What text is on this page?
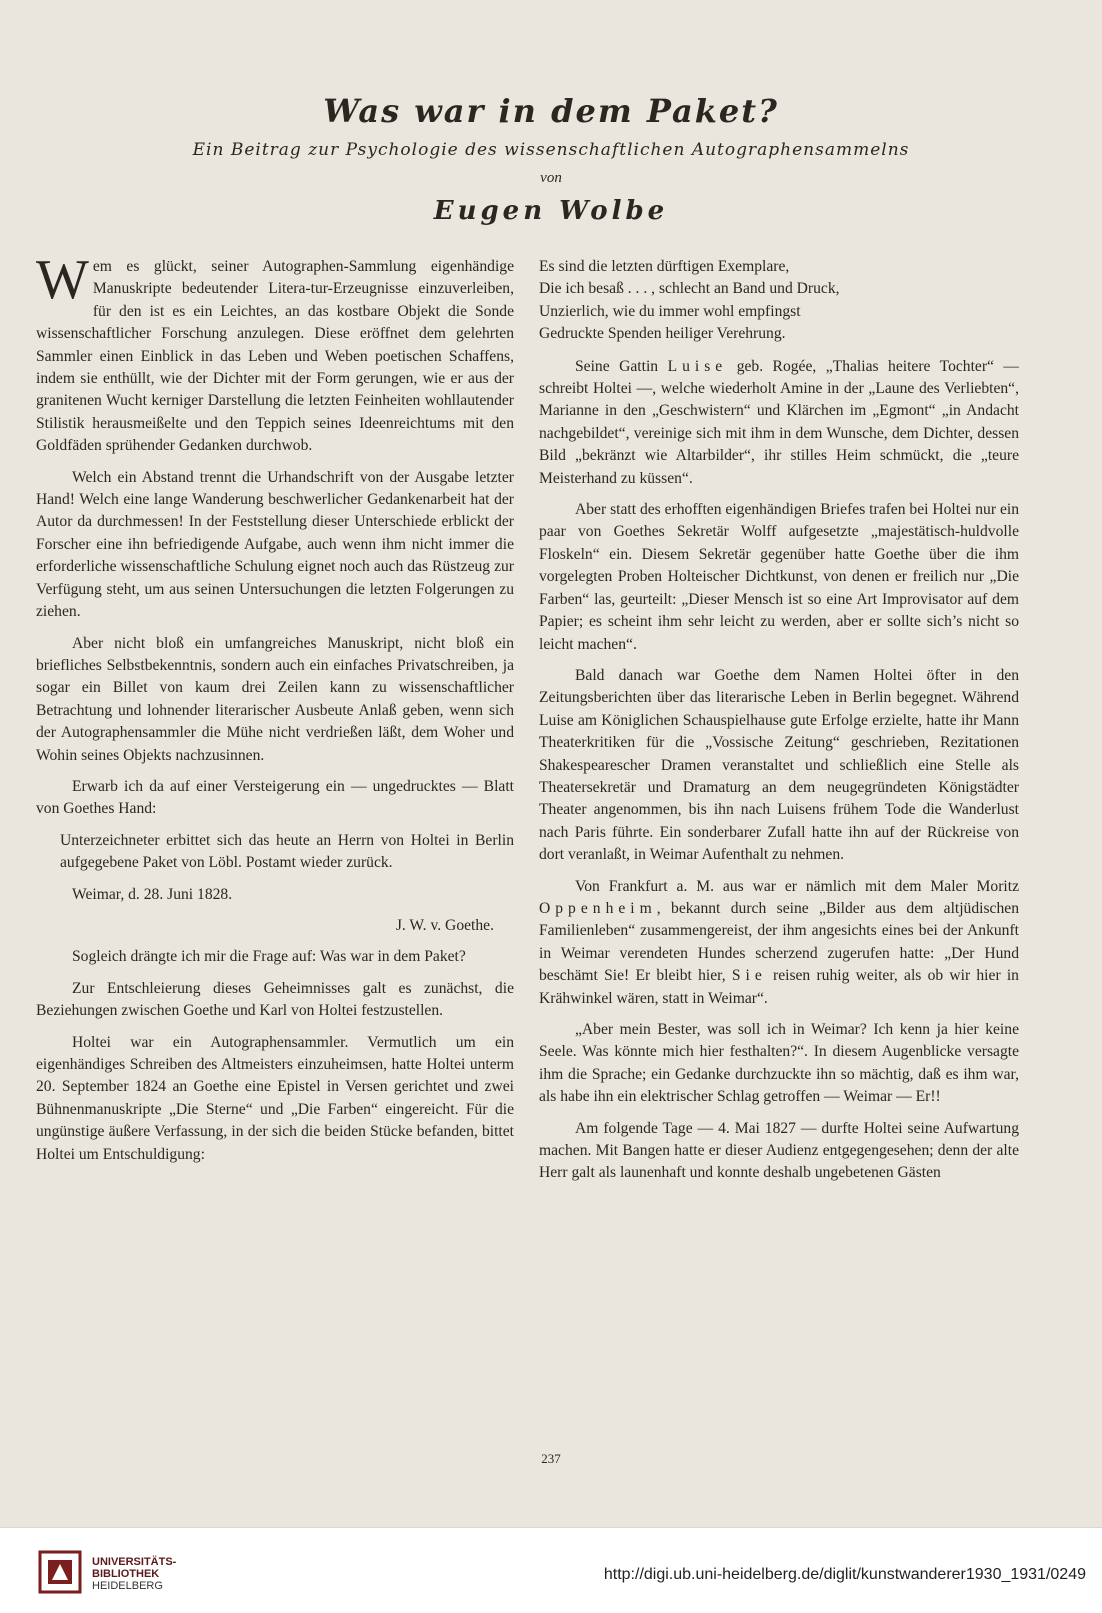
Was war in dem Paket?
Ein Beitrag zur Psychologie des wissenschaftlichen Autographensammelns
von
Eugen Wolbe

Wem es glückt, seiner Autographen-Sammlung eigenhändige Manuskripte bedeutender Litera-tur-Erzeugnisse einzuverleiben, für den ist es ein Leichtes, an das kostbare Objekt die Sonde wissenschaftlicher Forschung anzulegen. Diese eröffnet dem gelehrten Sammler einen Einblick in das Leben und Weben poetischen Schaffens, indem sie enthüllt, wie der Dichter mit der Form gerungen, wie er aus der granitenen Wucht kerniger Darstellung die letzten Feinheiten wohllautender Stilistik herausmeißelte und den Teppich seines Ideenreichtums mit den Goldfäden sprühender Gedanken durchwob.

Welch ein Abstand trennt die Urhandschrift von der Ausgabe letzter Hand! Welch eine lange Wanderung beschwerlicher Gedankenarbeit hat der Autor da durchmessen! In der Feststellung dieser Unterschiede erblickt der Forscher eine ihn befriedigende Aufgabe, auch wenn ihm nicht immer die erforderliche wissenschaftliche Schulung eignet noch auch das Rüstzeug zur Verfügung steht, um aus seinen Untersuchungen die letzten Folgerungen zu ziehen.

Aber nicht bloß ein umfangreiches Manuskript, nicht bloß ein briefliches Selbstbekenntnis, sondern auch ein einfaches Privatschreiben, ja sogar ein Billet von kaum drei Zeilen kann zu wissenschaftlicher Betrachtung und lohnender literarischer Ausbeute Anlaß geben, wenn sich der Autographensammler die Mühe nicht verdrießen läßt, dem Woher und Wohin seines Objekts nachzusinnen.

Erwarb ich da auf einer Versteigerung ein — ungedrucktes — Blatt von Goethes Hand:

Unterzeichneter erbittet sich das heute an Herrn von Holtei in Berlin aufgegebene Paket von Löbl. Postamt wieder zurück.

Weimar, d. 28. Juni 1828.

J. W. v. Goethe.

Sogleich drängte ich mir die Frage auf: Was war in dem Paket?

Zur Entschleierung dieses Geheimnisses galt es zunächst, die Beziehungen zwischen Goethe und Karl von Holtei festzustellen.

Holtei war ein Autographensammler. Vermutlich um ein eigenhändiges Schreiben des Altmeisters einzuheimsen, hatte Holtei unterm 20. September 1824 an Goethe eine Epistel in Versen gerichtet und zwei Bühnenmanuskripte „Die Sterne“ und „Die Farben“ eingereicht. Für die ungünstige äußere Verfassung, in der sich die beiden Stücke befanden, bittet Holtei um Entschuldigung:

Es sind die letzten dürftigen Exemplare,
Die ich besaß . . . , schlecht an Band und Druck,
Unzierlich, wie du immer wohl empfingst
Gedruckte Spenden heiliger Verehrung.

Seine Gattin Luise geb. Rogée, „Thalias heitere Tochter“ — schreibt Holtei —, welche wiederholt Amine in der „Laune des Verliebten“, Marianne in den „Geschwistern“ und Klärchen im „Egmont“ „in Andacht nachgebildet“, vereinige sich mit ihm in dem Wunsche, dem Dichter, dessen Bild „bekränzt wie Altarbilder“, ihr stilles Heim schmückt, die „teure Meisterhand zu küssen“.

Aber statt des erhofften eigenhändigen Briefes trafen bei Holtei nur ein paar von Goethes Sekretär Wolff aufgesetzte „majestätisch-huldvolle Floskeln“ ein. Diesem Sekretär gegenüber hatte Goethe über die ihm vorgelegten Proben Holteischer Dichtkunst, von denen er freilich nur „Die Farben“ las, geurteilt: „Dieser Mensch ist so eine Art Improvisator auf dem Papier; es scheint ihm sehr leicht zu werden, aber er sollte sich’s nicht so leicht machen“.

Bald danach war Goethe dem Namen Holtei öfter in den Zeitungsberichten über das literarische Leben in Berlin begegnet. Während Luise am Königlichen Schauspielhause gute Erfolge erzielte, hatte ihr Mann Theaterkritiken für die „Vossische Zeitung“ geschrieben, Rezitationen Shakespearescher Dramen veranstaltet und schließlich eine Stelle als Theatersekretär und Dramaturg an dem neugegründeten Königstädter Theater angenommen, bis ihn nach Luisens frühem Tode die Wanderlust nach Paris führte. Ein sonderbarer Zufall hatte ihn auf der Rückreise von dort veranlaßt, in Weimar Aufenthalt zu nehmen.

Von Frankfurt a. M. aus war er nämlich mit dem Maler Moritz Oppenheim, bekannt durch seine „Bilder aus dem altjüdischen Familienleben“ zusammengereist, der ihm angesichts eines bei der Ankunft in Weimar verendeten Hundes scherzend zugerufen hatte: „Der Hund beschämt Sie! Er bleibt hier, Sie reisen ruhig weiter, als ob wir hier in Krähwinkel wären, statt in Weimar“.

„Aber mein Bester, was soll ich in Weimar? Ich kenn ja hier keine Seele. Was könnte mich hier festhalten?“. In diesem Augenblicke versagte ihm die Sprache; ein Gedanke durchzuckte ihn so mächtig, daß es ihm war, als habe ihn ein elektrischer Schlag getroffen — Weimar — Er!!

Am folgende Tage — 4. Mai 1827 — durfte Holtei seine Aufwartung machen. Mit Bangen hatte er dieser Audienz entgegengesehen; denn der alte Herr galt als launenhaft und konnte deshalb ungebetenen Gästen

237
UNIVERSITÄTS-
BIBLIOTHEK
HEIDELBERG
http://digi.ub.uni-heidelberg.de/diglit/kunstwanderer1930_1931/0249
